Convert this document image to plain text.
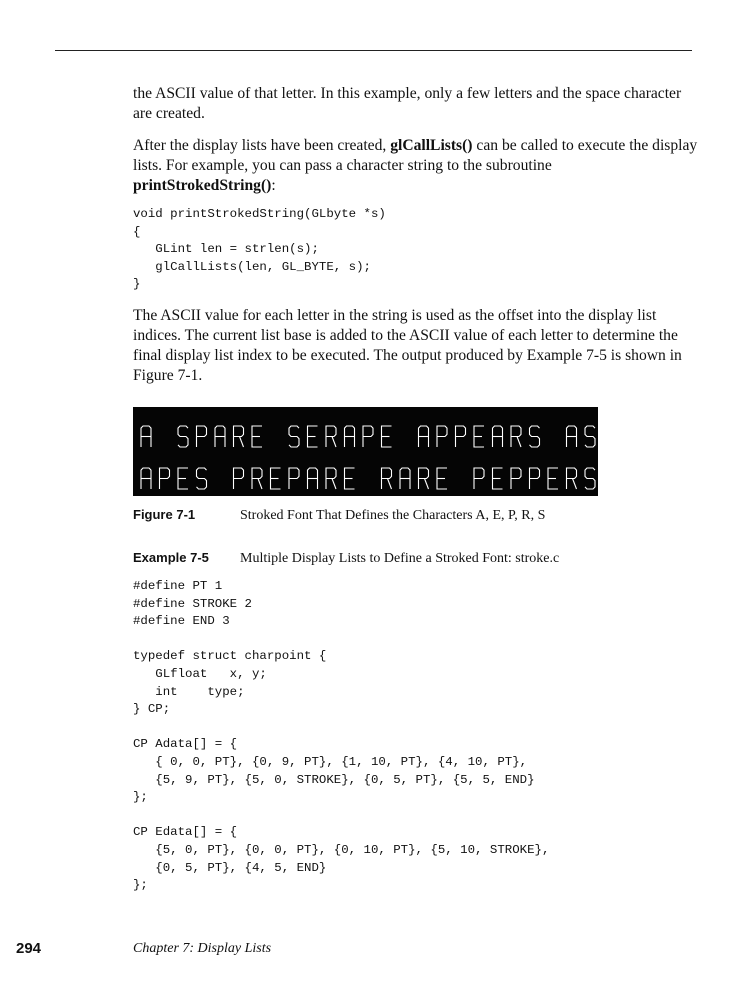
the ASCII value of that letter. In this example, only a few letters and the space character are created.

After the display lists have been created, glCallLists() can be called to execute the display lists. For example, you can pass a character string to the subroutine printStrokedString():

void printStrokedString(GLbyte *s)
{
GLint len = strlen(s);
glCallLists(len, GL_BYTE, s);
}

The ASCII value for each letter in the string is used as the offset into the display list indices. The current list base is added to the ASCII value of each letter to determine the final display list index to be executed. The output produced by Example 7-5 is shown in Figure 7-1.

Figure 7-1	Stroked Font That Defines the Characters A, E, P, R, S
Example 7-5	Multiple Display Lists to Define a Stroked Font: stroke.c
#define PT 1
#define STROKE 2
#define END 3

typedef struct charpoint {
GLfloat   x, y;
int    type;
} CP;

CP Adata[] = {
{ 0, 0, PT}, {0, 9, PT}, {1, 10, PT}, {4, 10, PT},
{5, 9, PT}, {5, 0, STROKE}, {0, 5, PT}, {5, 5, END}
};

CP Edata[] = {
{5, 0, PT}, {0, 0, PT}, {0, 10, PT}, {5, 10, STROKE},
{0, 5, PT}, {4, 5, END}
};
294	Chapter 7: Display Lists
